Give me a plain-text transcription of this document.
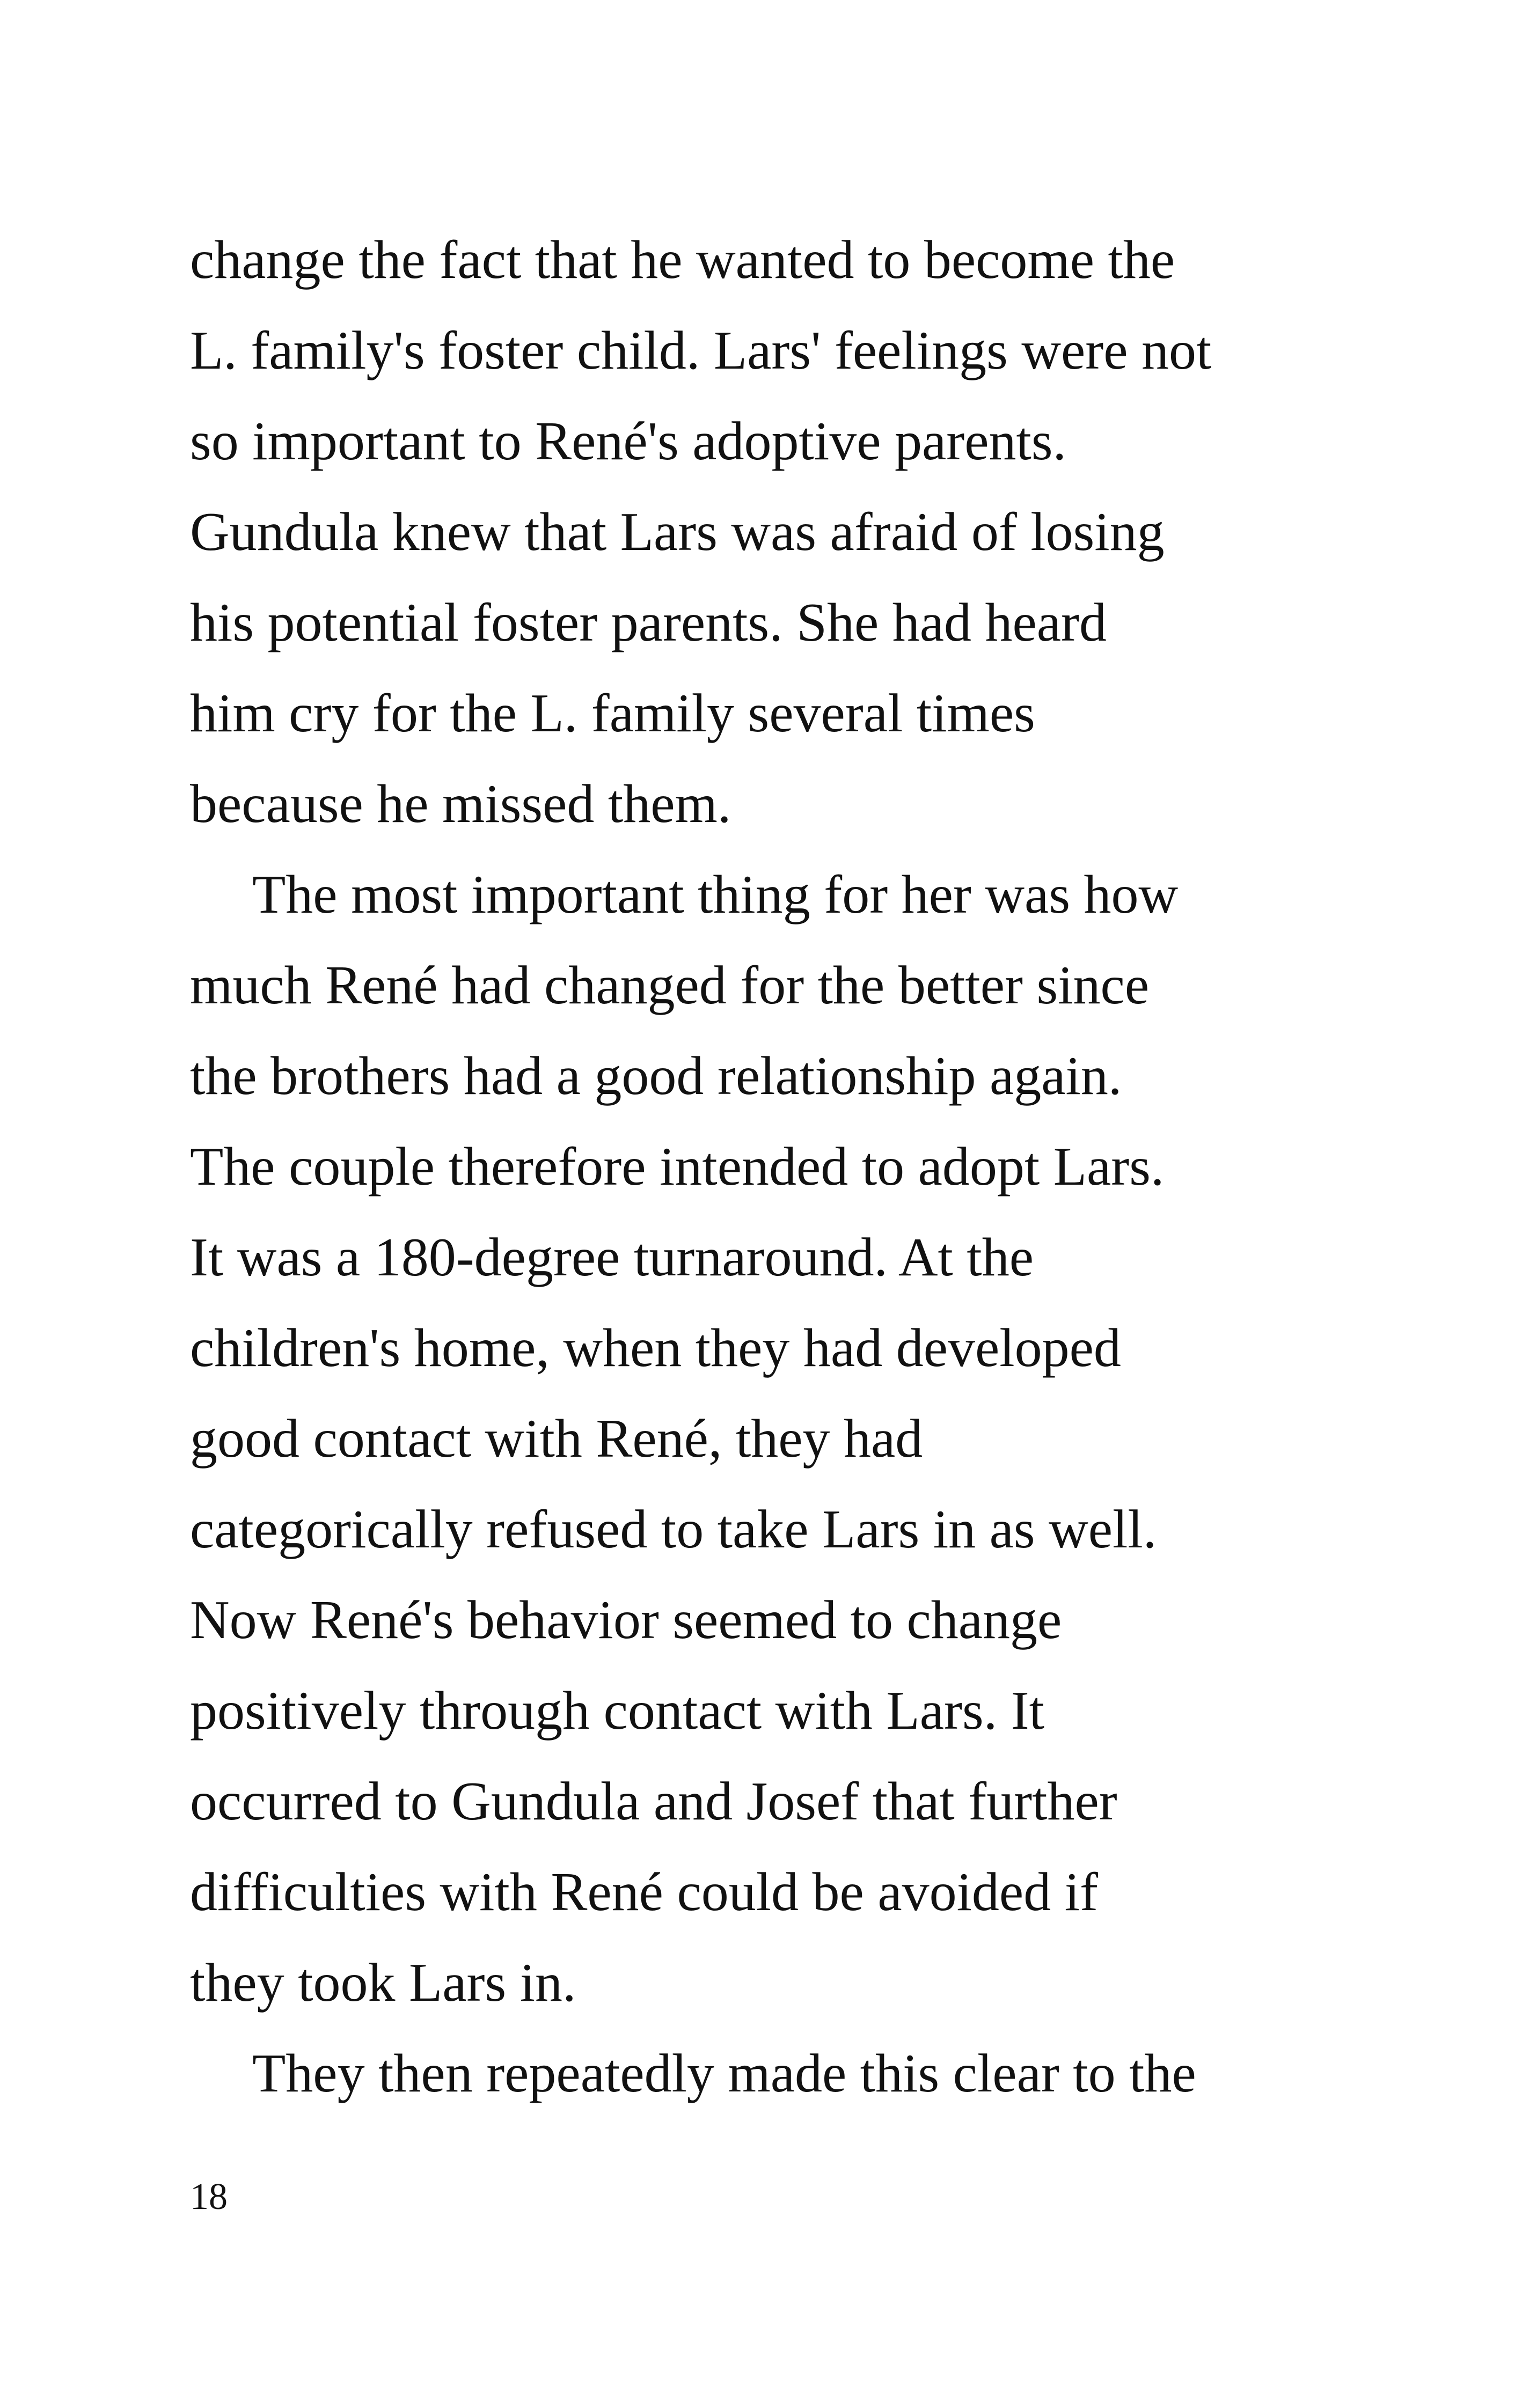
change the fact that he wanted to become the
L. family's foster child. Lars' feelings were not
so important to René's adoptive parents.
Gundula knew that Lars was afraid of losing
his potential foster parents. She had heard
him cry for the L. family several times
because he missed them.
The most important thing for her was how
much René had changed for the better since
the brothers had a good relationship again.
The couple therefore intended to adopt Lars.
It was a 180-degree turnaround. At the
children's home, when they had developed
good contact with René, they had
categorically refused to take Lars in as well.
Now René's behavior seemed to change
positively through contact with Lars. It
occurred to Gundula and Josef that further
difficulties with René could be avoided if
they took Lars in.
They then repeatedly made this clear to the
18
